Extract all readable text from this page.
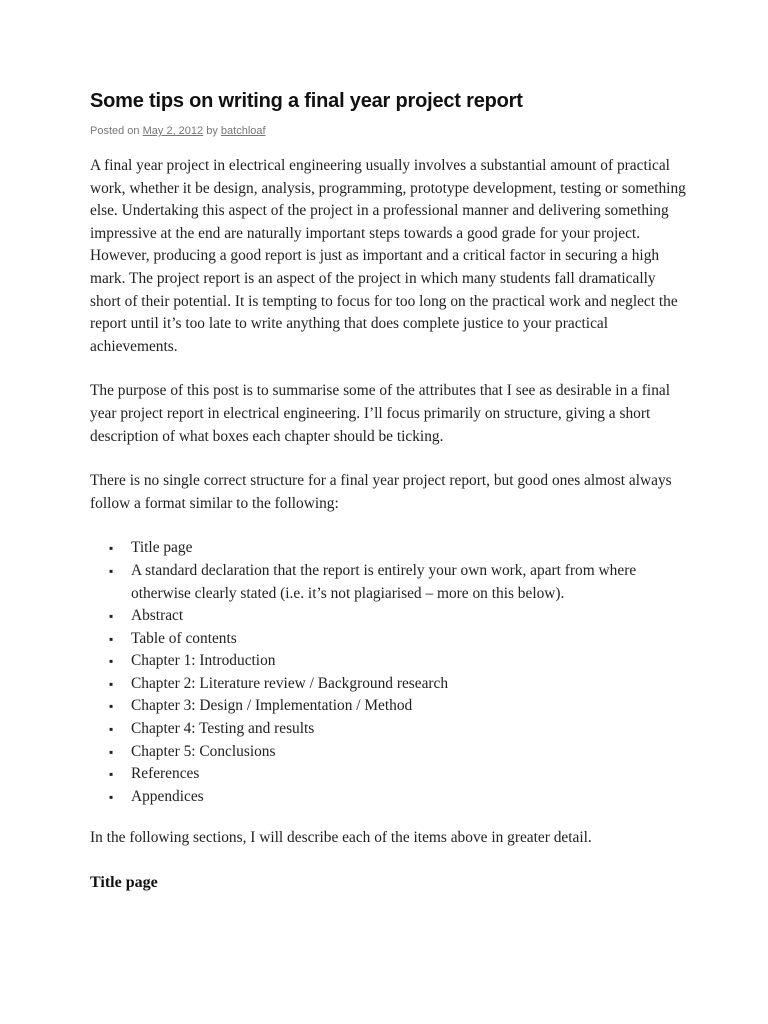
Some tips on writing a final year project report
Posted on May 2, 2012 by batchloaf

A final year project in electrical engineering usually involves a substantial amount of practical work, whether it be design, analysis, programming, prototype development, testing or something else. Undertaking this aspect of the project in a professional manner and delivering something impressive at the end are naturally important steps towards a good grade for your project. However, producing a good report is just as important and a critical factor in securing a high mark. The project report is an aspect of the project in which many students fall dramatically short of their potential. It is tempting to focus for too long on the practical work and neglect the report until it’s too late to write anything that does complete justice to your practical achievements.

The purpose of this post is to summarise some of the attributes that I see as desirable in a final year project report in electrical engineering. I’ll focus primarily on structure, giving a short description of what boxes each chapter should be ticking.

There is no single correct structure for a final year project report, but good ones almost always follow a format similar to the following:

▪ Title page
▪ A standard declaration that the report is entirely your own work, apart from where otherwise clearly stated (i.e. it’s not plagiarised – more on this below).
▪ Abstract
▪ Table of contents
▪ Chapter 1: Introduction
▪ Chapter 2: Literature review / Background research
▪ Chapter 3: Design / Implementation / Method
▪ Chapter 4: Testing and results
▪ Chapter 5: Conclusions
▪ References
▪ Appendices

In the following sections, I will describe each of the items above in greater detail.

Title page
